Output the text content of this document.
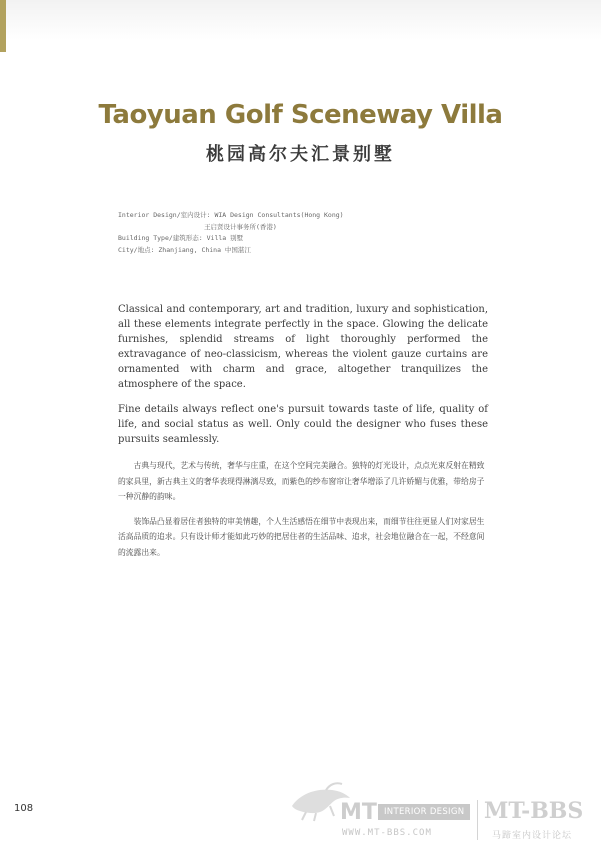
Taoyuan Golf Sceneway Villa
桃园高尔夫汇景别墅
Interior Design/室内设计: WIA Design Consultants(Hong Kong)
王启贤设计事务所(香港)
Building Type/建筑形态: Villa 别墅
City/地点: Zhanjiang, China 中国湛江

Classical and contemporary, art and tradition, luxury and sophistication, all these elements integrate perfectly in the space. Glowing the delicate furnishes, splendid streams of light thoroughly performed the extravagance of neo-classicism, whereas the violent gauze curtains are ornamented with charm and grace, altogether tranquilizes the atmosphere of the space.

Fine details always reflect one's pursuit towards taste of life, quality of life, and social status as well. Only could the designer who fuses these pursuits seamlessly.

古典与现代，艺术与传统，奢华与庄重，在这个空间完美融合。独特的灯光设计，点点光束反射在精致的家具里，新古典主义的奢华表现得淋漓尽致，而紫色的纱布窗帘让奢华增添了几许娇媚与优雅，带给房子一种沉静的韵味。

装饰品凸显着居住者独特的审美情趣，个人生活感悟在细节中表现出来，而细节往往更显人们对家居生活高品质的追求。只有设计师才能如此巧妙的把居住者的生活品味、追求，社会地位融合在一起，不经意间的流露出来。

108	MT INTERIOR DESIGN MT-BBS
WWW.MT-BBS.COM	马蹄室内设计论坛
